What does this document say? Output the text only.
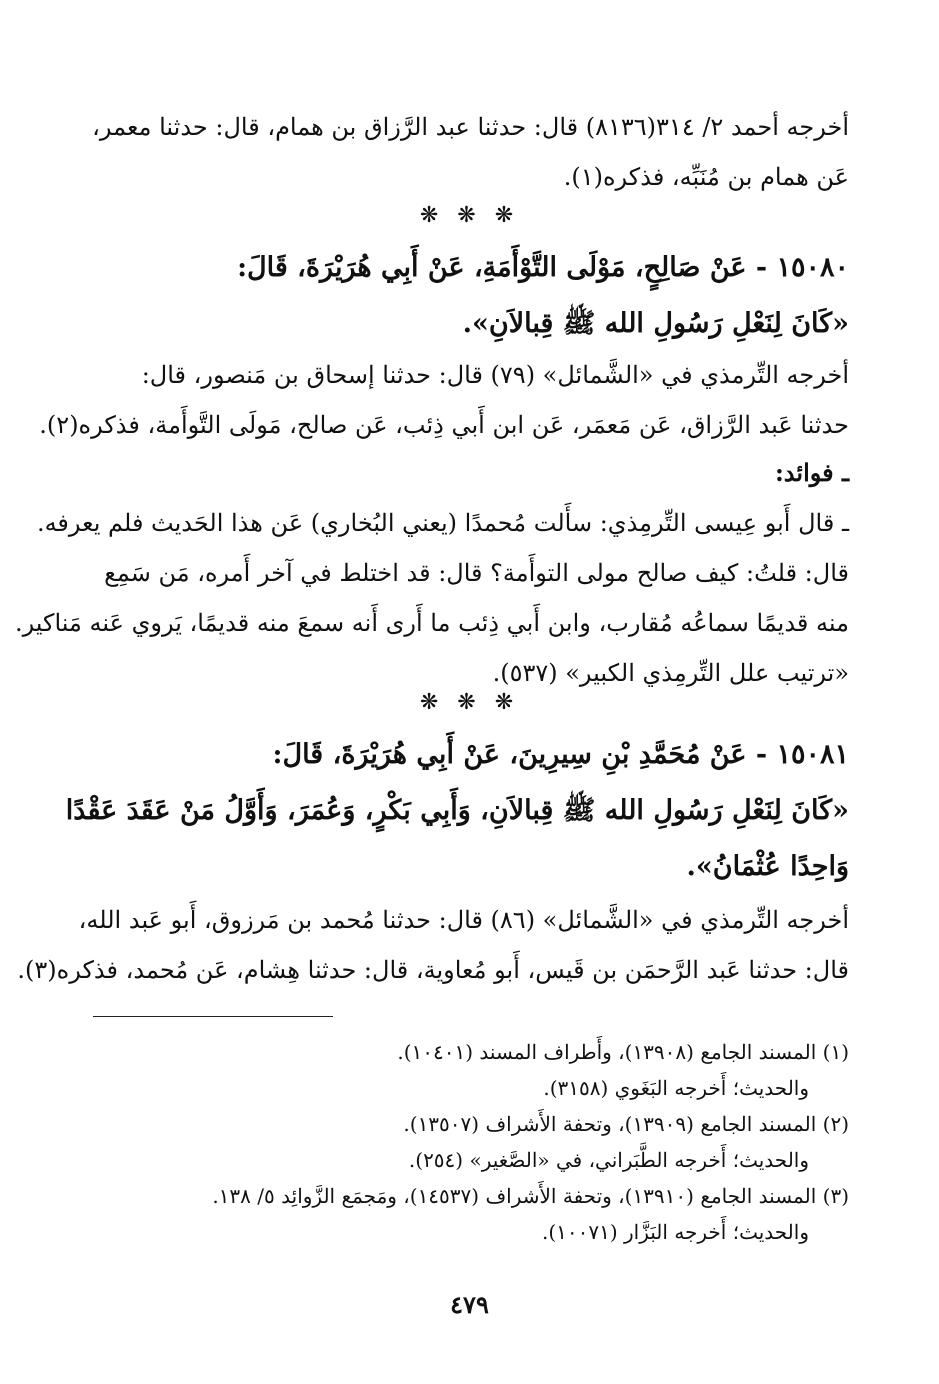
أخرجه أحمد ٢/ ٣١٤(٨١٣٦) قال: حدثنا عبد الرَّزاق بن همام، قال: حدثنا معمر،
عَن همام بن مُنَبِّه، فذكره(١).
❋ ❋ ❋
١٥٠٨٠ - عَنْ صَالِحٍ، مَوْلَى التَّوْأَمَةِ، عَنْ أَبِي هُرَيْرَةَ، قَالَ:
«كَانَ لِنَعْلِ رَسُولِ الله ﷺ قِبالاَنِ».
أخرجه التِّرمذي في «الشَّمائل» (٧٩) قال: حدثنا إسحاق بن مَنصور، قال:
حدثنا عَبد الرَّزاق، عَن مَعمَر، عَن ابن أَبي ذِئب، عَن صالح، مَولَى التَّوأَمة، فذكره(٢).
ـ فوائد:
ـ قال أَبو عِيسى التِّرمِذي: سأَلت مُحمدًا (يعني البُخاري) عَن هذا الحَديث فلم يعرفه.
قال: قلتُ: كيف صالح مولى التوأَمة؟ قال: قد اختلط في آخر أَمره، مَن سَمِع
منه قديمًا سماعُه مُقارب، وابن أَبي ذِئب ما أَرى أَنه سمعَ منه قديمًا، يَروي عَنه مَناكير.
«ترتيب علل التِّرمِذي الكبير» (٥٣٧).
❋ ❋ ❋
١٥٠٨١ - عَنْ مُحَمَّدِ بْنِ سِيرِينَ، عَنْ أَبِي هُرَيْرَةَ، قَالَ:
«كَانَ لِنَعْلِ رَسُولِ الله ﷺ قِبالاَنِ، وَأَبِي بَكْرٍ، وَعُمَرَ، وَأَوَّلُ مَنْ عَقَدَ عَقْدًا
وَاحِدًا عُثْمَانُ».
أخرجه التِّرمذي في «الشَّمائل» (٨٦) قال: حدثنا مُحمد بن مَرزوق، أَبو عَبد الله،
قال: حدثنا عَبد الرَّحمَن بن قَيس، أَبو مُعاوية، قال: حدثنا هِشام، عَن مُحمد، فذكره(٣).
(١) المسند الجامع (١٣٩٠٨)، وأَطراف المسند (١٠٤٠١).
والحديث؛ أَخرجه البَغَوي (٣١٥٨).
(٢) المسند الجامع (١٣٩٠٩)، وتحفة الأَشراف (١٣٥٠٧).
والحديث؛ أَخرجه الطَّبَراني، في «الصَّغير» (٢٥٤).
(٣) المسند الجامع (١٣٩١٠)، وتحفة الأَشراف (١٤٥٣٧)، ومَجمَع الزَّوائِد ٥/ ١٣٨.
والحديث؛ أَخرجه البَزَّار (١٠٠٧١).
٤٧٩
